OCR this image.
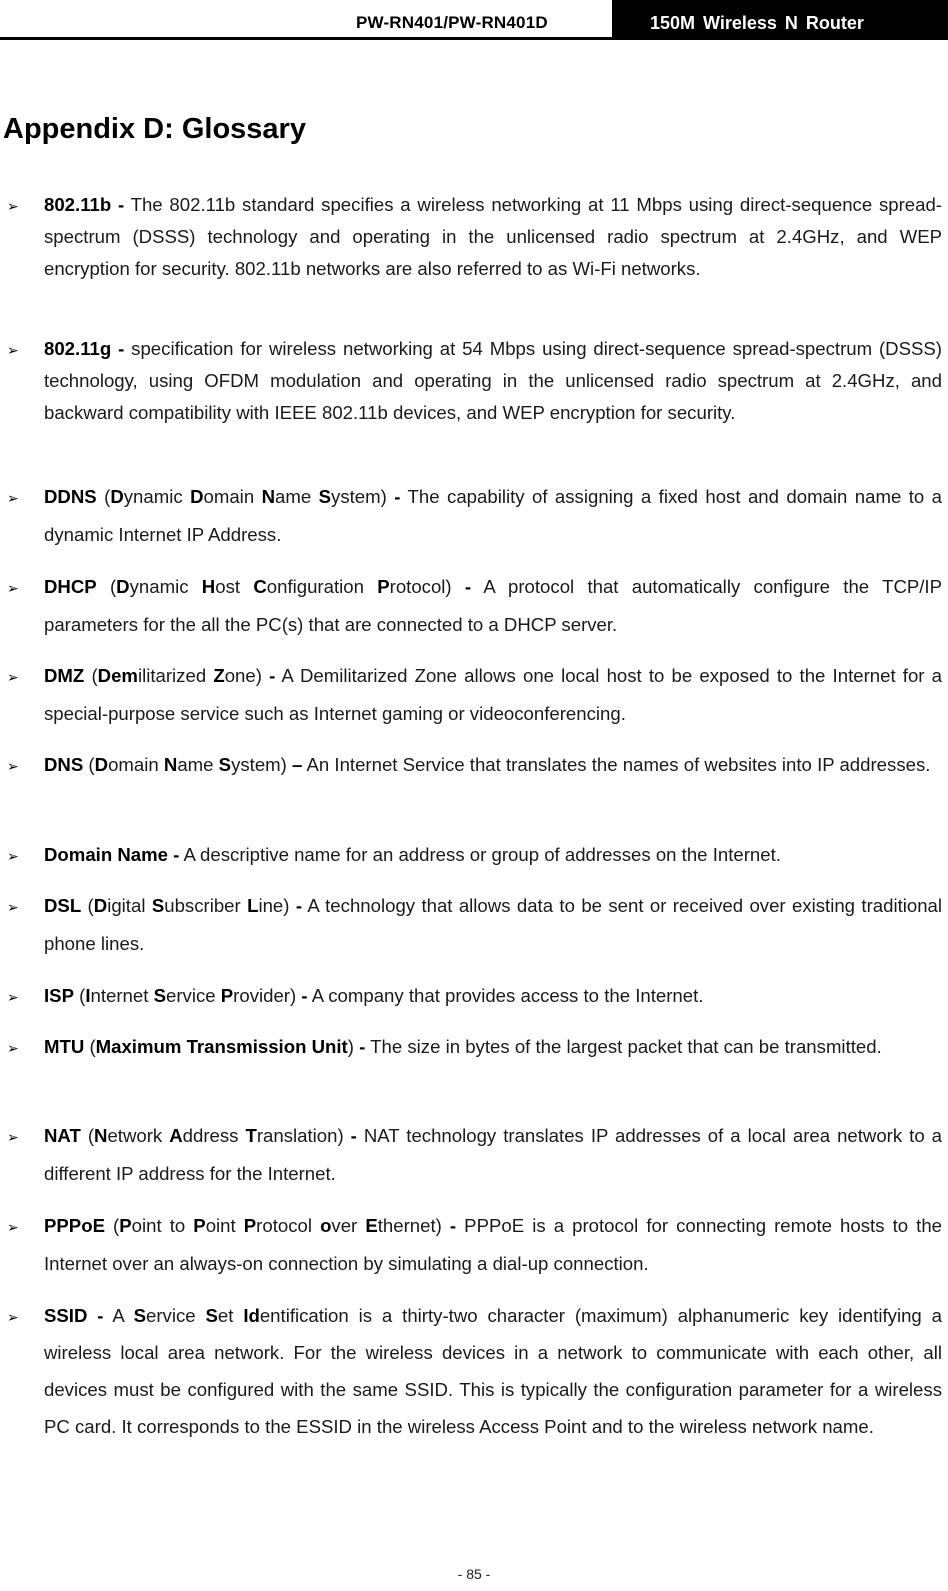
PW-RN401/PW-RN401D	150M Wireless N Router
Appendix D: Glossary
➢ 802.11b - The 802.11b standard specifies a wireless networking at 11 Mbps using direct-sequence spread-spectrum (DSSS) technology and operating in the unlicensed radio spectrum at 2.4GHz, and WEP encryption for security. 802.11b networks are also referred to as Wi-Fi networks.

➢ 802.11g - specification for wireless networking at 54 Mbps using direct-sequence spread-spectrum (DSSS) technology, using OFDM modulation and operating in the unlicensed radio spectrum at 2.4GHz, and backward compatibility with IEEE 802.11b devices, and WEP encryption for security.

➢ DDNS (Dynamic Domain Name System) - The capability of assigning a fixed host and domain name to a dynamic Internet IP Address.

➢ DHCP (Dynamic Host Configuration Protocol) - A protocol that automatically configure the TCP/IP parameters for the all the PC(s) that are connected to a DHCP server.

➢ DMZ (Demilitarized Zone) - A Demilitarized Zone allows one local host to be exposed to the Internet for a special-purpose service such as Internet gaming or videoconferencing.

➢ DNS (Domain Name System) – An Internet Service that translates the names of websites into IP addresses.

➢ Domain Name - A descriptive name for an address or group of addresses on the Internet.

➢ DSL (Digital Subscriber Line) - A technology that allows data to be sent or received over existing traditional phone lines.

➢ ISP (Internet Service Provider) - A company that provides access to the Internet.

➢ MTU (Maximum Transmission Unit) - The size in bytes of the largest packet that can be transmitted.

➢ NAT (Network Address Translation) - NAT technology translates IP addresses of a local area network to a different IP address for the Internet.

➢ PPPoE (Point to Point Protocol over Ethernet) - PPPoE is a protocol for connecting remote hosts to the Internet over an always-on connection by simulating a dial-up connection.

➢ SSID - A Service Set Identification is a thirty-two character (maximum) alphanumeric key identifying a wireless local area network. For the wireless devices in a network to communicate with each other, all devices must be configured with the same SSID. This is typically the configuration parameter for a wireless PC card. It corresponds to the ESSID in the wireless Access Point and to the wireless network name.

- 85 -
